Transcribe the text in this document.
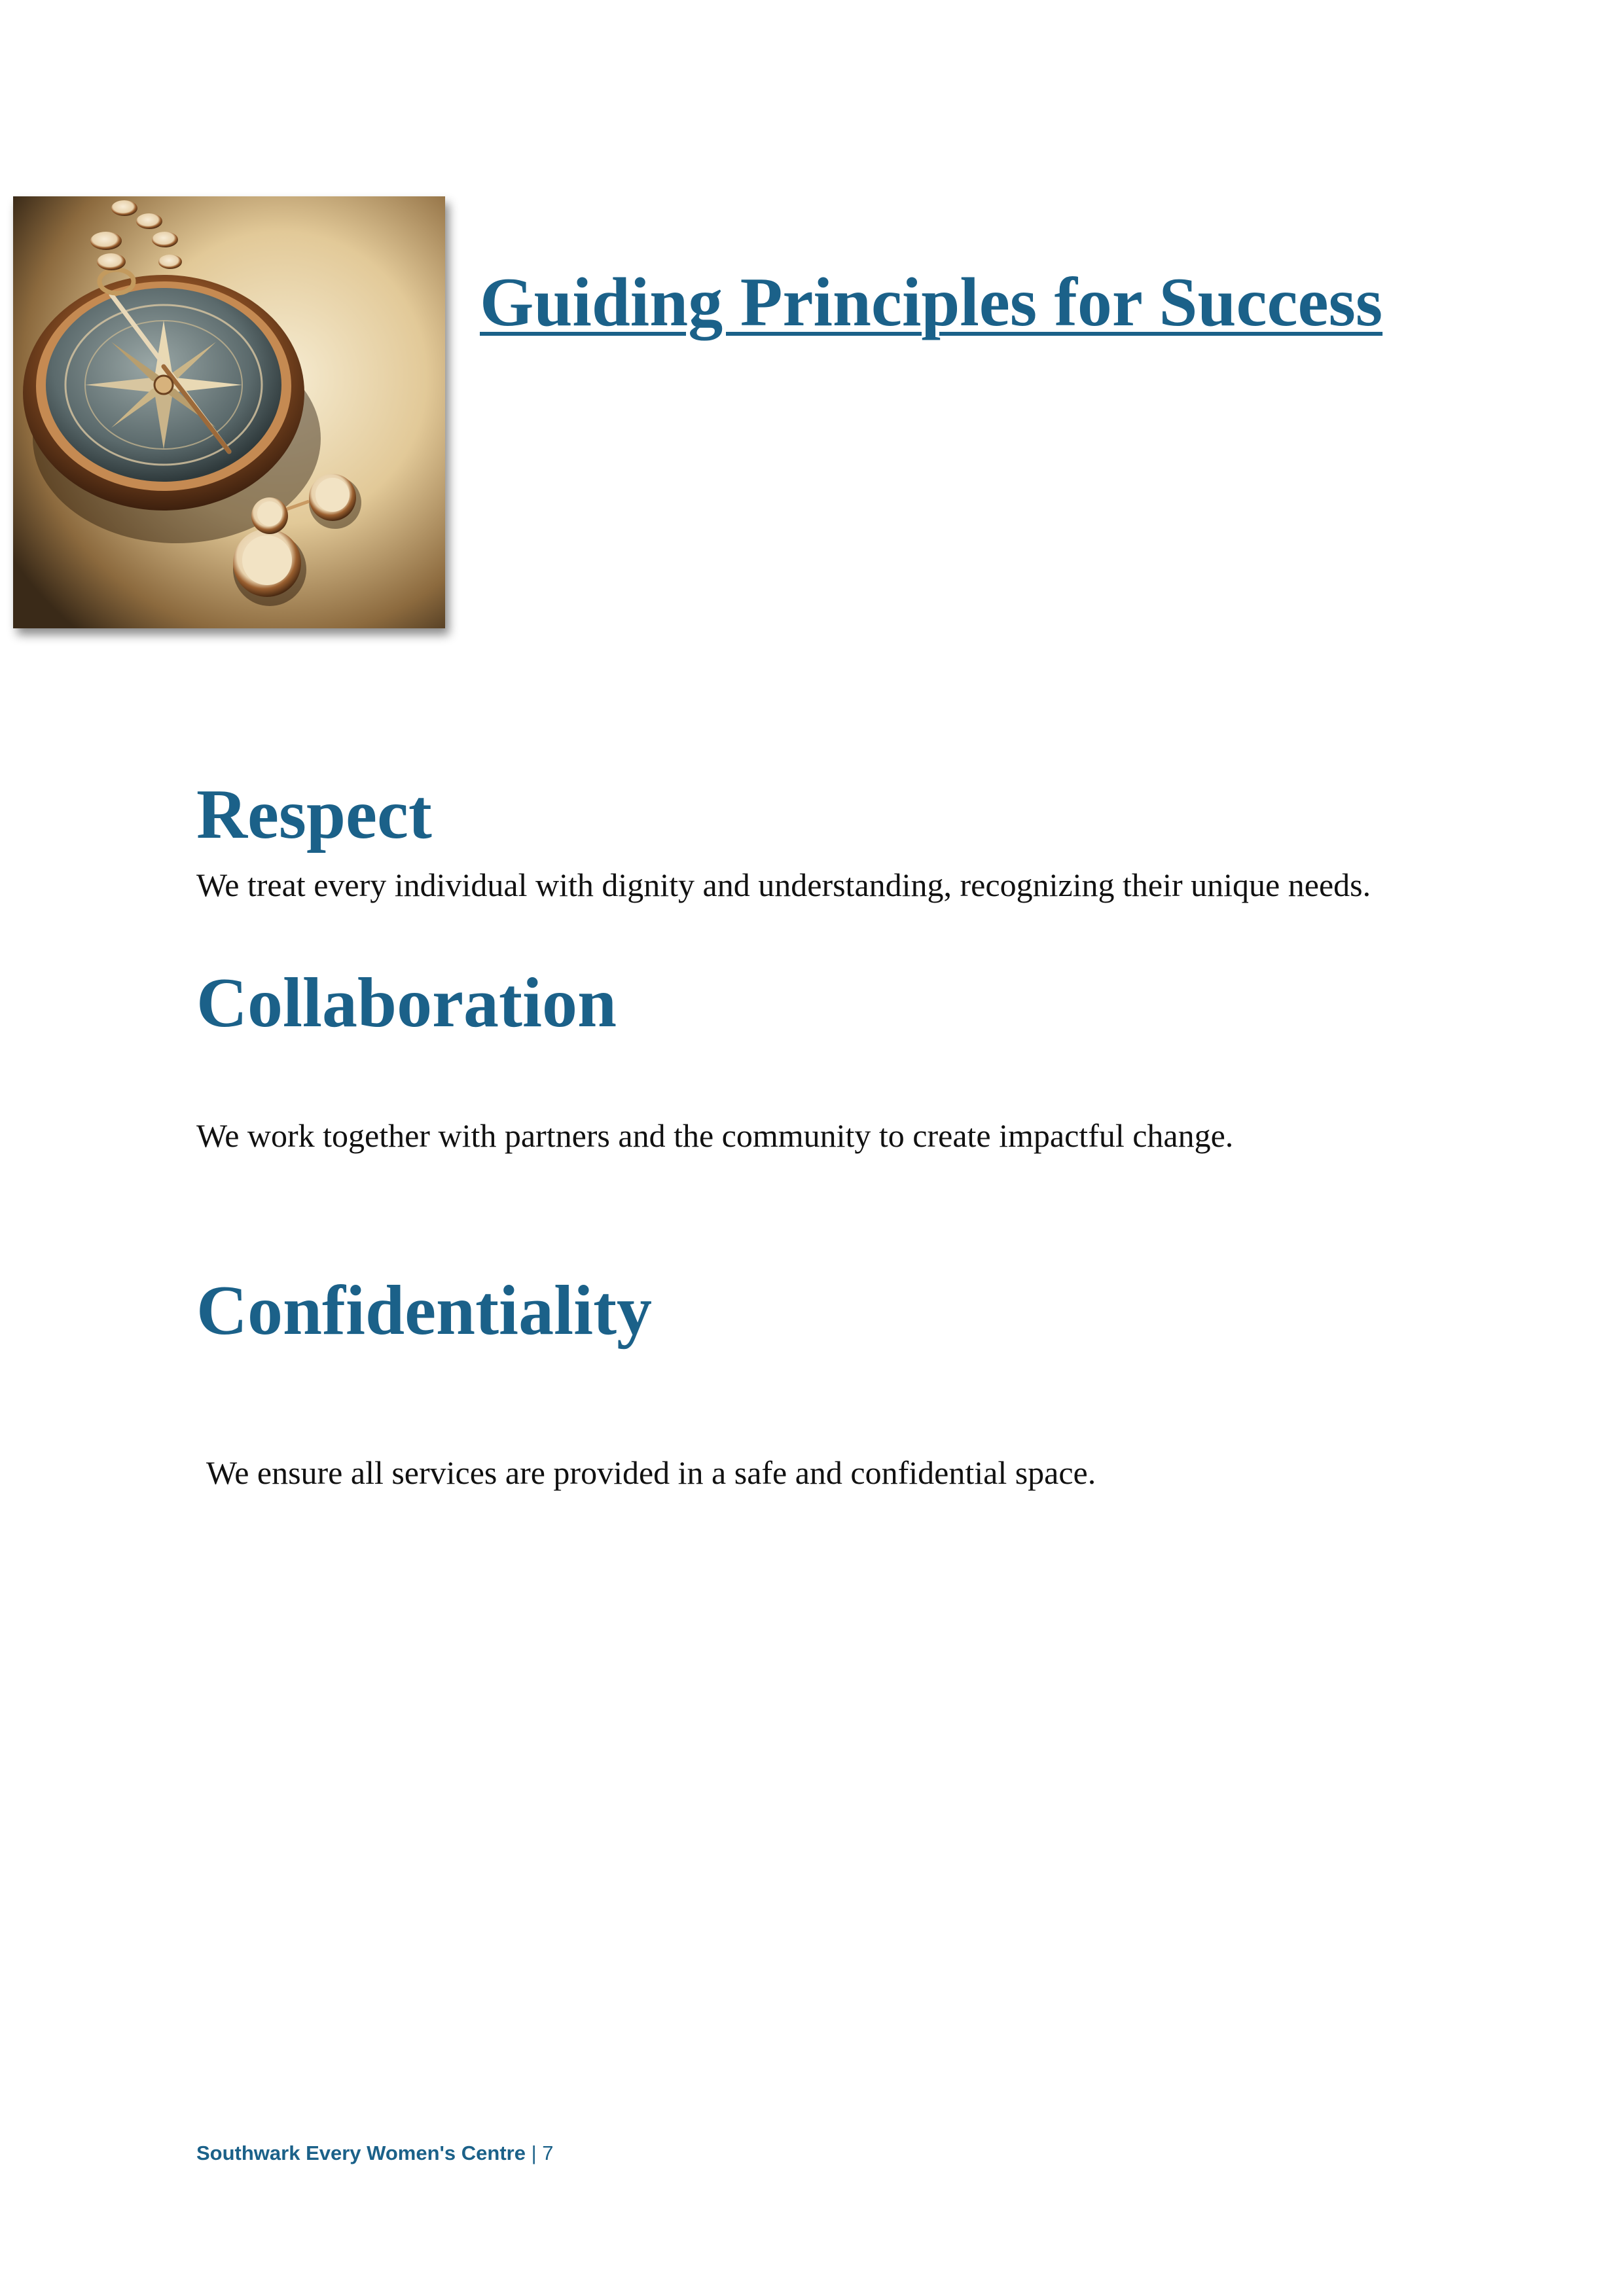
Guiding Principles for Success
Respect

We treat every individual with dignity and understanding, recognizing their unique needs.

Collaboration

We work together with partners and the community to create impactful change.

Confidentiality

We ensure all services are provided in a safe and confidential space.

Southwark Every Women's Centre | 7
